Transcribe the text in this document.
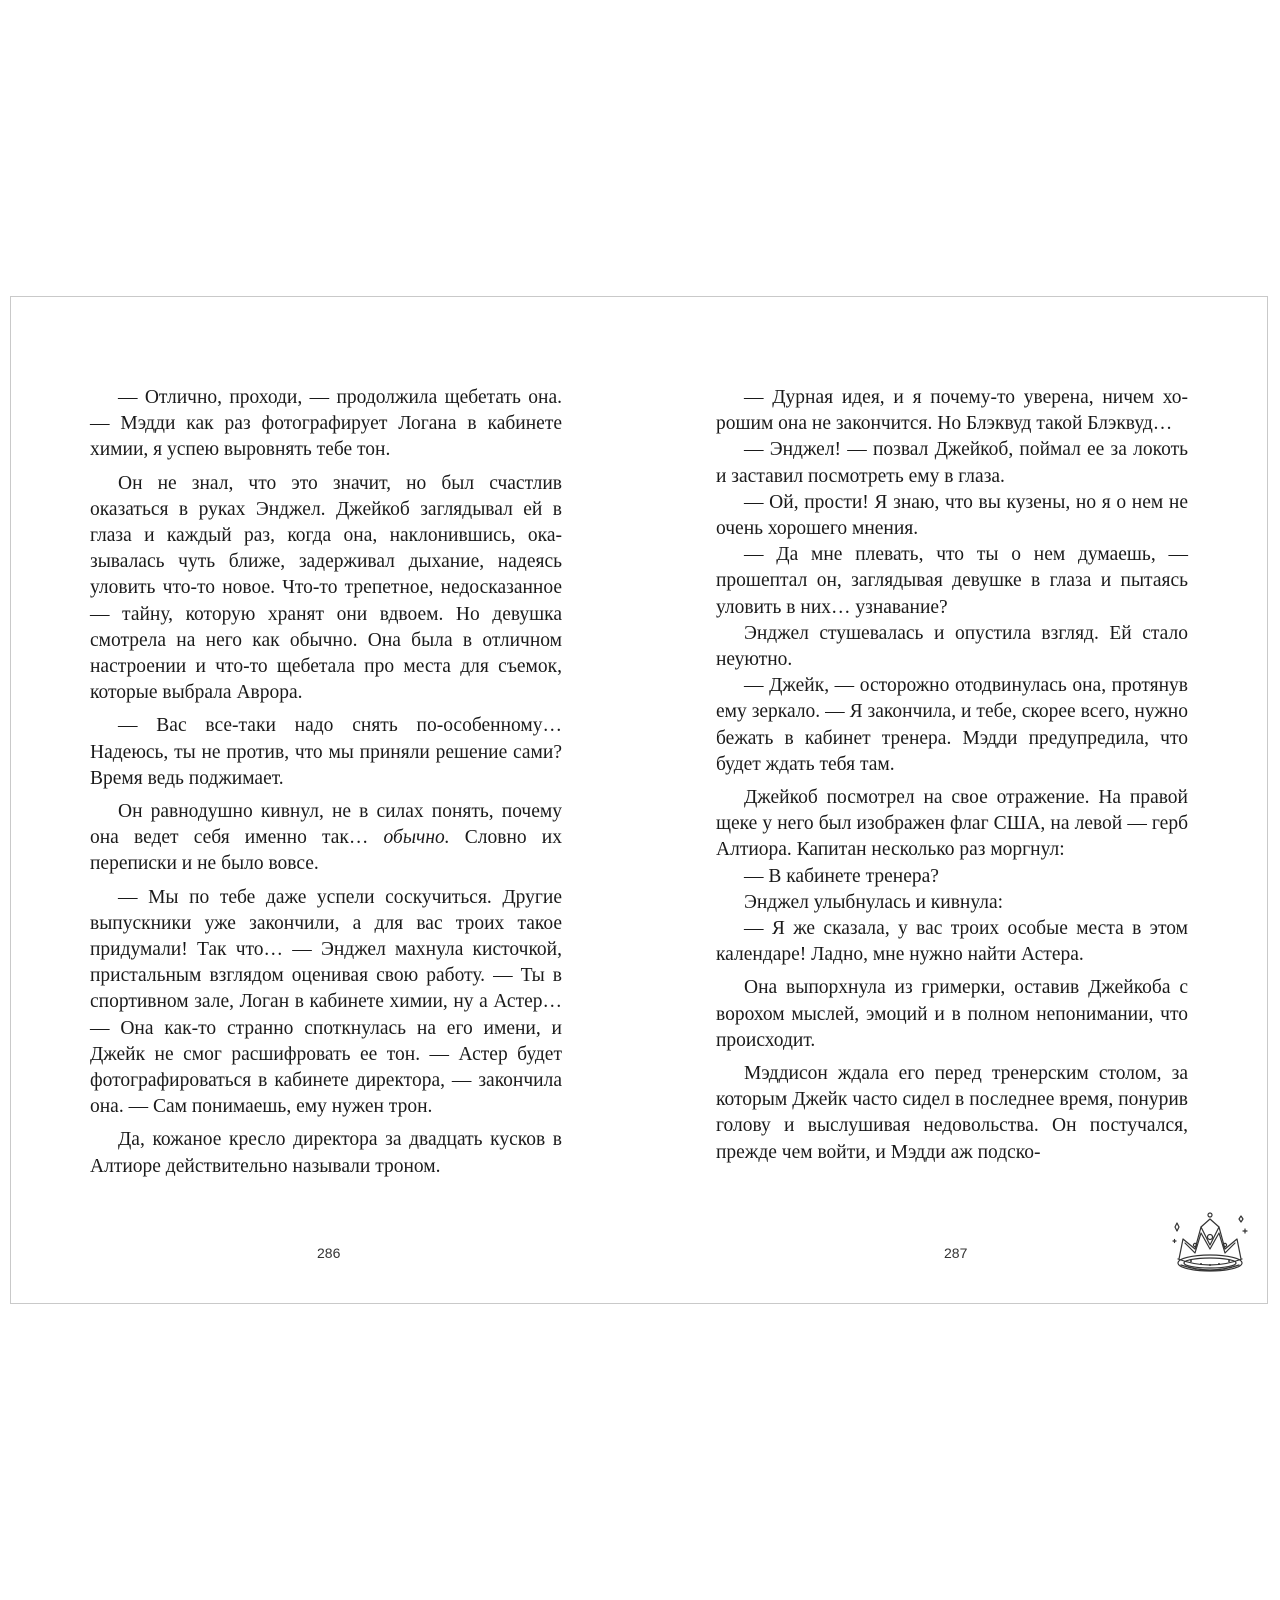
— Отлично, проходи, — продолжила щебетать она. — Мэдди как раз фотографирует Логана в кабинете химии, я успею выровнять тебе тон.

Он не знал, что это значит, но был счастлив оказаться в руках Энджел. Джейкоб заглядывал ей в глаза и каждый раз, когда она, наклонившись, оказывалась чуть ближе, задерживал дыхание, надеясь уловить что-то новое. Что-то трепетное, недосказанное — тайну, которую хранят они вдвоем. Но девушка смотрела на него как обычно. Она была в отличном настроении и что-то щебетала про места для съемок, которые выбрала Аврора.

— Вас все-таки надо снять по-особенному… Надеюсь, ты не против, что мы приняли решение сами? Время ведь поджимает.

Он равнодушно кивнул, не в силах понять, почему она ведет себя именно так… обычно. Словно их переписки и не было вовсе.

— Мы по тебе даже успели соскучиться. Другие выпускники уже закончили, а для вас троих такое придумали! Так что… — Энджел махнула кисточкой, пристальным взглядом оценивая свою работу. — Ты в спортивном зале, Логан в кабинете химии, ну а Астер… — Она как-то странно споткнулась на его имени, и Джейк не смог расшифровать ее тон. — Астер будет фотографироваться в кабинете директора, — закончила она. — Сам понимаешь, ему нужен трон.

Да, кожаное кресло директора за двадцать кусков в Алтиоре действительно называли троном.

— Дурная идея, и я почему-то уверена, ничем хорошим она не закончится. Но Блэквуд такой Блэквуд…

— Энджел! — позвал Джейкоб, поймал ее за локоть и заставил посмотреть ему в глаза.

— Ой, прости! Я знаю, что вы кузены, но я о нем не очень хорошего мнения.

— Да мне плевать, что ты о нем думаешь, — прошептал он, заглядывая девушке в глаза и пытаясь уловить в них… узнавание?

Энджел стушевалась и опустила взгляд. Ей стало неуютно.

— Джейк, — осторожно отодвинулась она, протянув ему зеркало. — Я закончила, и тебе, скорее всего, нужно бежать в кабинет тренера. Мэдди предупредила, что будет ждать тебя там.

Джейкоб посмотрел на свое отражение. На правой щеке у него был изображен флаг США, на левой — герб Алтиора. Капитан несколько раз моргнул:

— В кабинете тренера?

Энджел улыбнулась и кивнула:

— Я же сказала, у вас троих особые места в этом календаре! Ладно, мне нужно найти Астера.

Она выпорхнула из гримерки, оставив Джейкоба с ворохом мыслей, эмоций и в полном непонимании, что происходит.

Мэддисон ждала его перед тренерским столом, за которым Джейк часто сидел в последнее время, понурив голову и выслушивая недовольства. Он постучался, прежде чем войти, и Мэдди аж подско-

286	287
